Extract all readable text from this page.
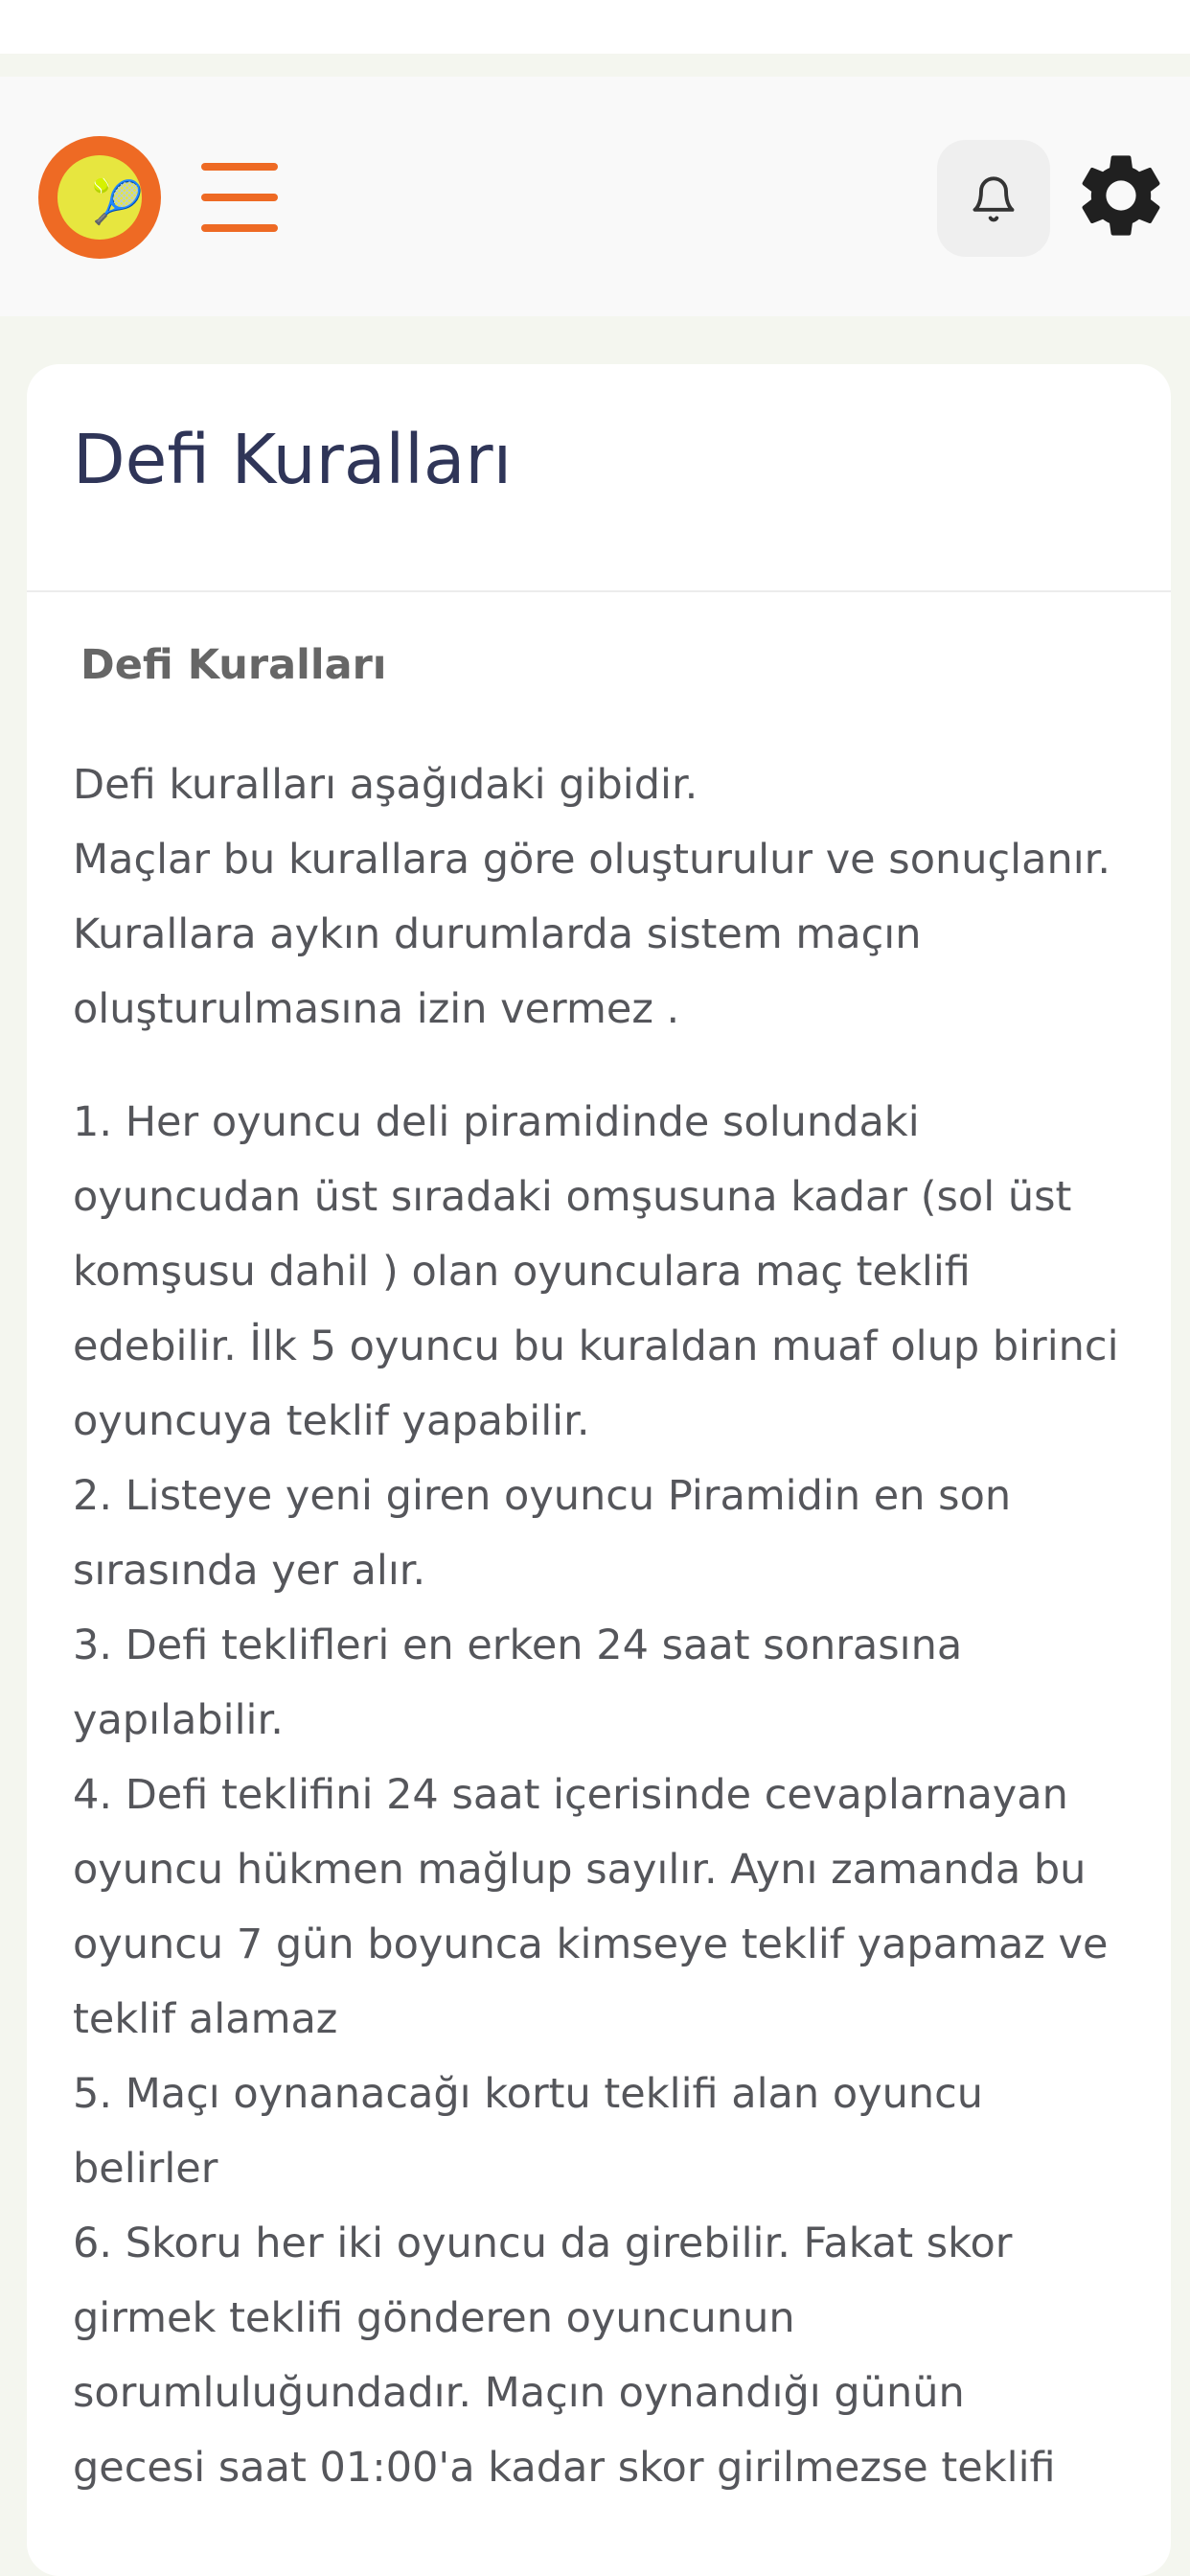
🎾
Defi Kuralları
Defi Kuralları
Defi kuralları aşağıdaki gibidir.
Maçlar bu kurallara göre oluşturulur ve sonuçlanır.
Kurallara aykın durumlarda sistem maçın
oluşturulmasına izin vermez .
1. Her oyuncu deli piramidinde solundaki
oyuncudan üst sıradaki omşusuna kadar (sol üst
komşusu dahil ) olan oyunculara maç teklifi
edebilir. İlk 5 oyuncu bu kuraldan muaf olup birinci
oyuncuya teklif yapabilir.
2. Listeye yeni giren oyuncu Piramidin en son
sırasında yer alır.
3. Defi teklifleri en erken 24 saat sonrasına
yapılabilir.
4. Defi teklifini 24 saat içerisinde cevaplarnayan
oyuncu hükmen mağlup sayılır. Aynı zamanda bu
oyuncu 7 gün boyunca kimseye teklif yapamaz ve
teklif alamaz
5. Maçı oynanacağı kortu teklifi alan oyuncu
belirler
6. Skoru her iki oyuncu da girebilir. Fakat skor
girmek teklifi gönderen oyuncunun
sorumluluğundadır. Maçın oynandığı günün
gecesi saat 01:00'a kadar skor girilmezse teklifi
